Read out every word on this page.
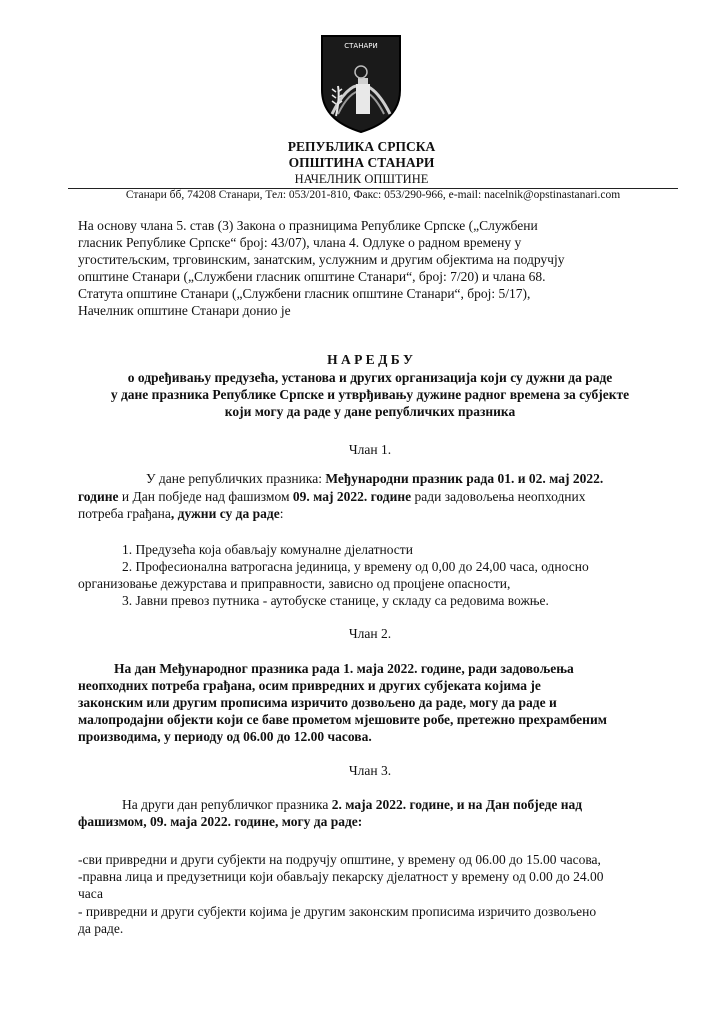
СТАНАРИ
РЕПУБЛИКА СРПСКА
ОПШТИНА СТАНАРИ
НАЧЕЛНИК ОПШТИНЕ
Станари бб, 74208 Станари, Тел: 053/201-810, Факс: 053/290-966, e-mail: nacelnik@opstinastanari.com
На основу члана 5. став (3) Закона о празницима Републике Српске („Службени
гласник Републике Српске“ број: 43/07), члана 4. Одлуке о радном времену у
угоститељским, трговинским, занатским, услужним и другим објектима на подручју
општине Станари („Службени гласник општине Станари“, број: 7/20) и члана 68.
Статута општине Станари („Службени гласник општине Станари“, број: 5/17),
Начелник општине Станари донио је
Н А Р Е Д Б У
о одређивању предузећа, установа и других организација који су дужни да раде
у дане празника Републике Српске и утврђивању дужине радног времена за субјекте
који могу да раде у дане републичких празника
Члан 1.
У дане републичких празника: Међународни празник рада 01. и 02. мај 2022.
године и Дан побједе над фашизмом 09. мај 2022. године ради задовољења неопходних
потреба грађана, дужни су да раде:
1. Предузећа која обављају комуналне дјелатности
2. Професионална ватрогасна јединица, у времену од 0,00 до 24,00 часа, односно
организовање дежурстава и приправности, зависно од процјене опасности,
3. Јавни превоз путника - аутобуске станице, у складу са редовима вожње.
Члан 2.
На дан Међународног празника рада 1. маја 2022. године, ради задовољења
неопходних потреба грађана, осим привредних и других субјеката којима је
законским или другим прописима изричито дозвољено да раде, могу да раде и
малопродајни објекти који се баве прометом мјешовите робе, претежно прехрамбеним
производима, у периоду од 06.00 до 12.00 часова.
Члан 3.
На други дан републичког празника 2. маја 2022. године, и на Дан побједе над
фашизмом, 09. маја 2022. године, могу да раде:
-сви привредни и други субјекти на подручју општине, у времену од 06.00 до 15.00 часова,
-правна лица и предузетници који обављају пекарску дјелатност у времену од 0.00 до 24.00
часа
- привредни и други субјекти којима је другим законским прописима изричито дозвољено
да раде.
